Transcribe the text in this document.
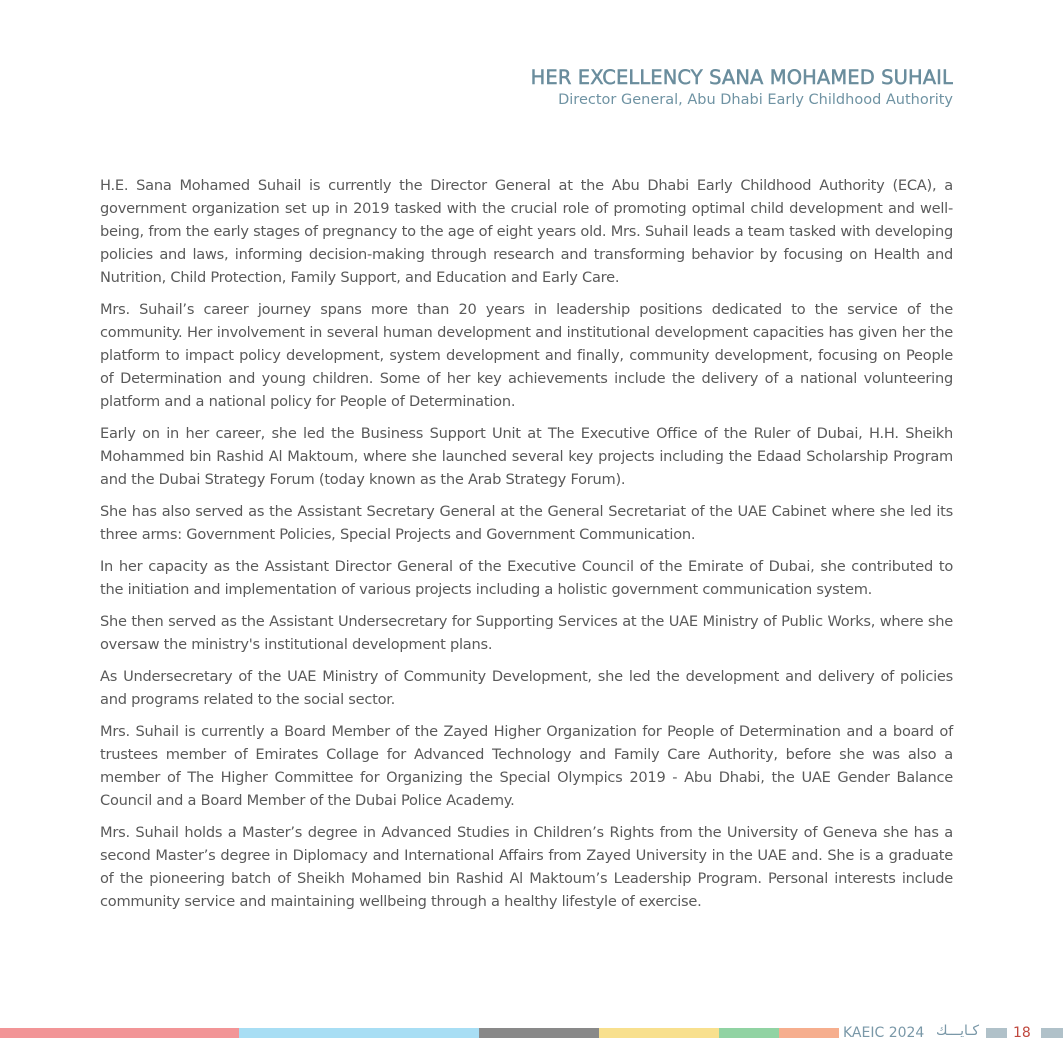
HER EXCELLENCY SANA MOHAMED SUHAIL

Director General, Abu Dhabi Early Childhood Authority

H.E. Sana Mohamed Suhail is currently the Director General at the Abu Dhabi Early Childhood Authority (ECA), a government organization set up in 2019 tasked with the crucial role of promoting optimal child development and well-being, from the early stages of pregnancy to the age of eight years old. Mrs. Suhail leads a team tasked with developing policies and laws, informing decision-making through research and transforming behavior by focusing on Health and Nutrition, Child Protection, Family Support, and Education and Early Care.

Mrs. Suhail’s career journey spans more than 20 years in leadership positions dedicated to the service of the community. Her involvement in several human development and institutional development capacities has given her the platform to impact policy development, system development and finally, community development, focusing on People of Determination and young children. Some of her key achievements include the delivery of a national volunteering platform and a national policy for People of Determination.

Early on in her career, she led the Business Support Unit at The Executive Office of the Ruler of Dubai, H.H. Sheikh Mohammed bin Rashid Al Maktoum, where she launched several key projects including the Edaad Scholarship Program and the Dubai Strategy Forum (today known as the Arab Strategy Forum).

She has also served as the Assistant Secretary General at the General Secretariat of the UAE Cabinet where she led its three arms: Government Policies, Special Projects and Government Communication.

In her capacity as the Assistant Director General of the Executive Council of the Emirate of Dubai, she contributed to the initiation and implementation of various projects including a holistic government communication system.

She then served as the Assistant Undersecretary for Supporting Services at the UAE Ministry of Public Works, where she oversaw the ministry's institutional development plans.

As Undersecretary of the UAE Ministry of Community Development, she led the development and delivery of policies and programs related to the social sector.

Mrs. Suhail is currently a Board Member of the Zayed Higher Organization for People of Determination and a board of trustees member of Emirates Collage for Advanced Technology and Family Care Authority, before she was also a member of The Higher Committee for Organizing the Special Olympics 2019 - Abu Dhabi, the UAE Gender Balance Council and a Board Member of the Dubai Police Academy.

Mrs. Suhail holds a Master’s degree in Advanced Studies in Children’s Rights from the University of Geneva she has a second Master’s degree in Diplomacy and International Affairs from Zayed University in the UAE and. She is a graduate of the pioneering batch of Sheikh Mohamed bin Rashid Al Maktoum’s Leadership Program. Personal interests include community service and maintaining wellbeing through a healthy lifestyle of exercise.

KAEIC 2024 كـايـــك 18
